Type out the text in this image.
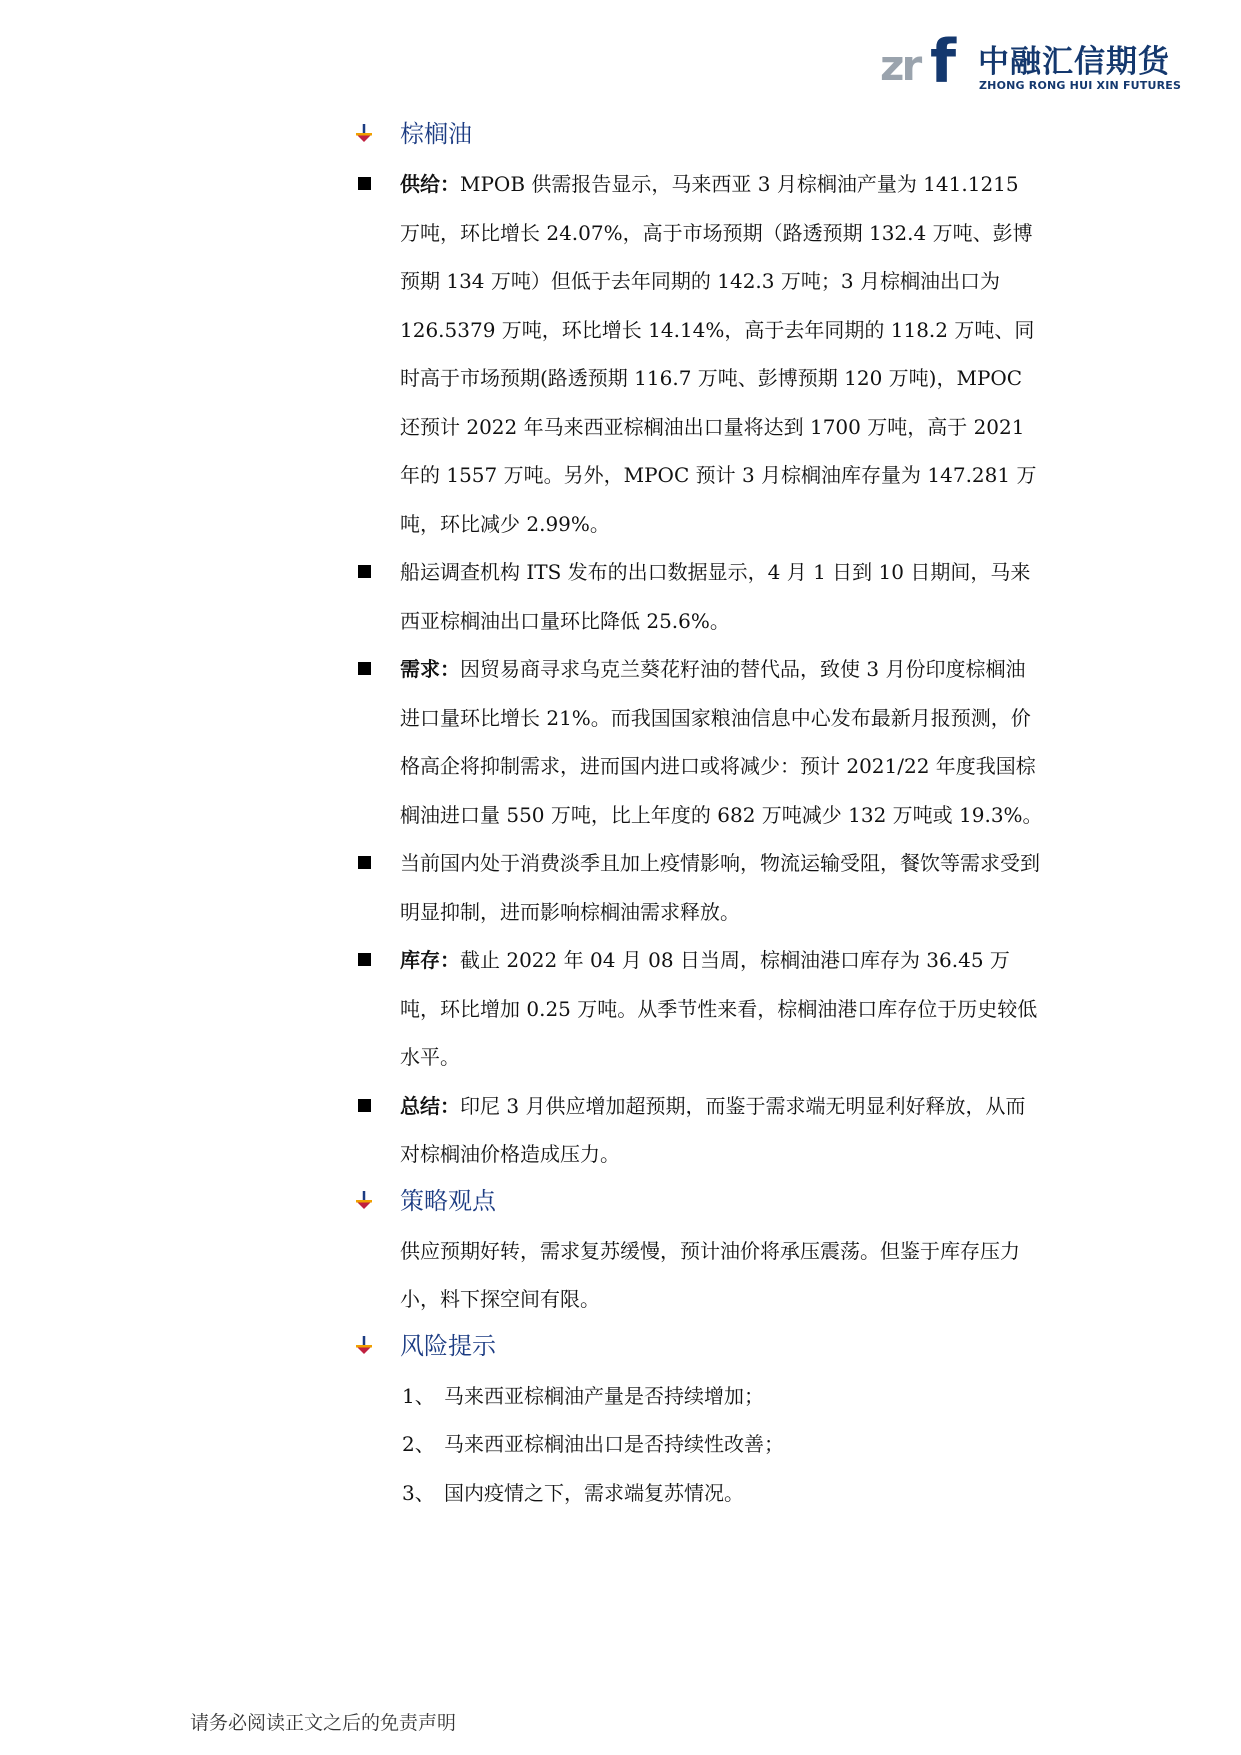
zr f 中融汇信期货
ZHONG RONG HUI XIN FUTURES
棕榈油
供给：MPOB 供需报告显示，马来西亚 3 月棕榈油产量为 141.1215 万吨，环比增长 24.07%，高于市场预期（路透预期 132.4 万吨、彭博预期 134 万吨）但低于去年同期的 142.3 万吨；3 月棕榈油出口为 126.5379 万吨，环比增长 14.14%，高于去年同期的 118.2 万吨、同时高于市场预期(路透预期 116.7 万吨、彭博预期 120 万吨)，MPOC 还预计 2022 年马来西亚棕榈油出口量将达到 1700 万吨，高于 2021 年的 1557 万吨。另外，MPOC 预计 3 月棕榈油库存量为 147.281 万吨，环比减少 2.99%。
船运调查机构 ITS 发布的出口数据显示，4 月 1 日到 10 日期间，马来西亚棕榈油出口量环比降低 25.6%。
需求：因贸易商寻求乌克兰葵花籽油的替代品，致使 3 月份印度棕榈油进口量环比增长 21%。而我国国家粮油信息中心发布最新月报预测，价格高企将抑制需求，进而国内进口或将减少：预计 2021/22 年度我国棕榈油进口量 550 万吨，比上年度的 682 万吨减少 132 万吨或 19.3%。
当前国内处于消费淡季且加上疫情影响，物流运输受阻，餐饮等需求受到明显抑制，进而影响棕榈油需求释放。
库存：截止 2022 年 04 月 08 日当周，棕榈油港口库存为 36.45 万吨，环比增加 0.25 万吨。从季节性来看，棕榈油港口库存位于历史较低水平。
总结：印尼 3 月供应增加超预期，而鉴于需求端无明显利好释放，从而对棕榈油价格造成压力。
策略观点
供应预期好转，需求复苏缓慢，预计油价将承压震荡。但鉴于库存压力小，料下探空间有限。
风险提示
1、 马来西亚棕榈油产量是否持续增加；
2、 马来西亚棕榈油出口是否持续性改善；
3、 国内疫情之下，需求端复苏情况。
请务必阅读正文之后的免责声明
